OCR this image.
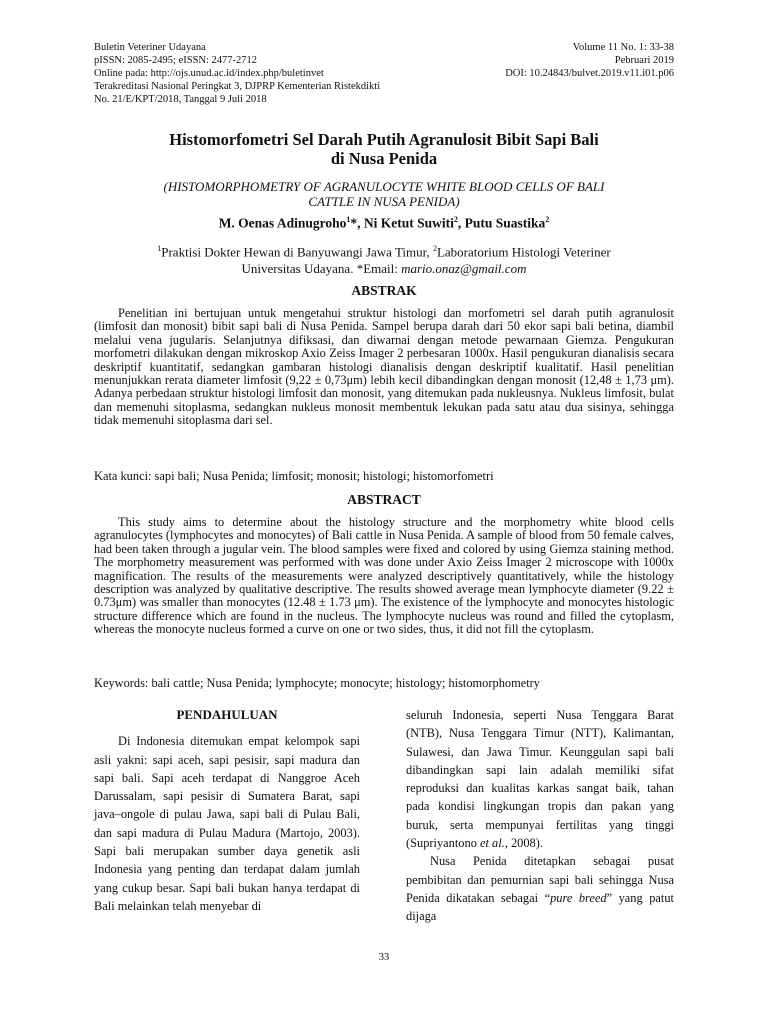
Buletin Veteriner Udayana	Volume 11 No. 1: 33-38
pISSN: 2085-2495; eISSN: 2477-2712	Pebruari 2019
Online pada: http://ojs.unud.ac.id/index.php/buletinvet	DOI: 10.24843/bulvet.2019.v11.i01.p06
Terakreditasi Nasional Peringkat 3, DJPRP Kementerian Ristekdikti
No. 21/E/KPT/2018, Tanggal 9 Juli 2018
Histomorfometri Sel Darah Putih Agranulosit Bibit Sapi Bali
di Nusa Penida
(HISTOMORPHOMETRY OF AGRANULOCYTE WHITE BLOOD CELLS OF BALI
CATTLE IN NUSA PENIDA)
M. Oenas Adinugroho$^1$*, Ni Ketut Suwiti$^2$, Putu Suastika$^2$
$^1$Praktisi Dokter Hewan di Banyuwangi Jawa Timur, $^2$Laboratorium Histologi Veteriner
Universitas Udayana. *Email: mario.onaz@gmail.com
ABSTRAK
Penelitian ini bertujuan untuk mengetahui struktur histologi dan morfometri sel darah putih agranulosit (limfosit dan monosit) bibit sapi bali di Nusa Penida. Sampel berupa darah dari 50 ekor sapi bali betina, diambil melalui vena jugularis. Selanjutnya difiksasi, dan diwarnai dengan metode pewarnaan Giemza. Pengukuran morfometri dilakukan dengan mikroskop Axio Zeiss Imager 2 perbesaran 1000x. Hasil pengukuran dianalisis secara deskriptif kuantitatif, sedangkan gambaran histologi dianalisis dengan deskriptif kualitatif. Hasil penelitian menunjukkan rerata diameter limfosit (9,22 ± 0,73μm) lebih kecil dibandingkan dengan monosit (12,48 ± 1,73 μm). Adanya perbedaan struktur histologi limfosit dan monosit, yang ditemukan pada nukleusnya. Nukleus limfosit, bulat dan memenuhi sitoplasma, sedangkan nukleus monosit membentuk lekukan pada satu atau dua sisinya, sehingga tidak memenuhi sitoplasma dari sel.
Kata kunci: sapi bali; Nusa Penida; limfosit; monosit; histologi; histomorfometri
ABSTRACT
This study aims to determine about the histology structure and the morphometry white blood cells agranulocytes (lymphocytes and monocytes) of Bali cattle in Nusa Penida. A sample of blood from 50 female calves, had been taken through a jugular vein. The blood samples were fixed and colored by using Giemza staining method. The morphometry measurement was performed with was done under Axio Zeiss Imager 2 microscope with 1000x magnification. The results of the measurements were analyzed descriptively quantitatively, while the histology description was analyzed by qualitative descriptive. The results showed average mean lymphocyte diameter (9.22 ± 0.73μm) was smaller than monocytes (12.48 ± 1.73 μm). The existence of the lymphocyte and monocytes histologic structure difference which are found in the nucleus. The lymphocyte nucleus was round and filled the cytoplasm, whereas the monocyte nucleus formed a curve on one or two sides, thus, it did not fill the cytoplasm.
Keywords: bali cattle; Nusa Penida; lymphocyte; monocyte; histology; histomorphometry
PENDAHULUAN

Di Indonesia ditemukan empat kelompok sapi asli yakni: sapi aceh, sapi pesisir, sapi madura dan sapi bali. Sapi aceh terdapat di Nanggroe Aceh Darussalam, sapi pesisir di Sumatera Barat, sapi java–ongole di pulau Jawa, sapi bali di Pulau Bali, dan sapi madura di Pulau Madura (Martojo, 2003). Sapi bali merupakan sumber daya genetik asli Indonesia yang penting dan terdapat dalam jumlah yang cukup besar. Sapi bali bukan hanya terdapat di Bali melainkan telah menyebar di

seluruh Indonesia, seperti Nusa Tenggara Barat (NTB), Nusa Tenggara Timur (NTT), Kalimantan, Sulawesi, dan Jawa Timur. Keunggulan sapi bali dibandingkan sapi lain adalah memiliki sifat reproduksi dan kualitas karkas sangat baik, tahan pada kondisi lingkungan tropis dan pakan yang buruk, serta mempunyai fertilitas yang tinggi (Supriyantono et al., 2008).

Nusa Penida ditetapkan sebagai pusat pembibitan dan pemurnian sapi bali sehingga Nusa Penida dikatakan sebagai “pure breed” yang patut dijaga

33
